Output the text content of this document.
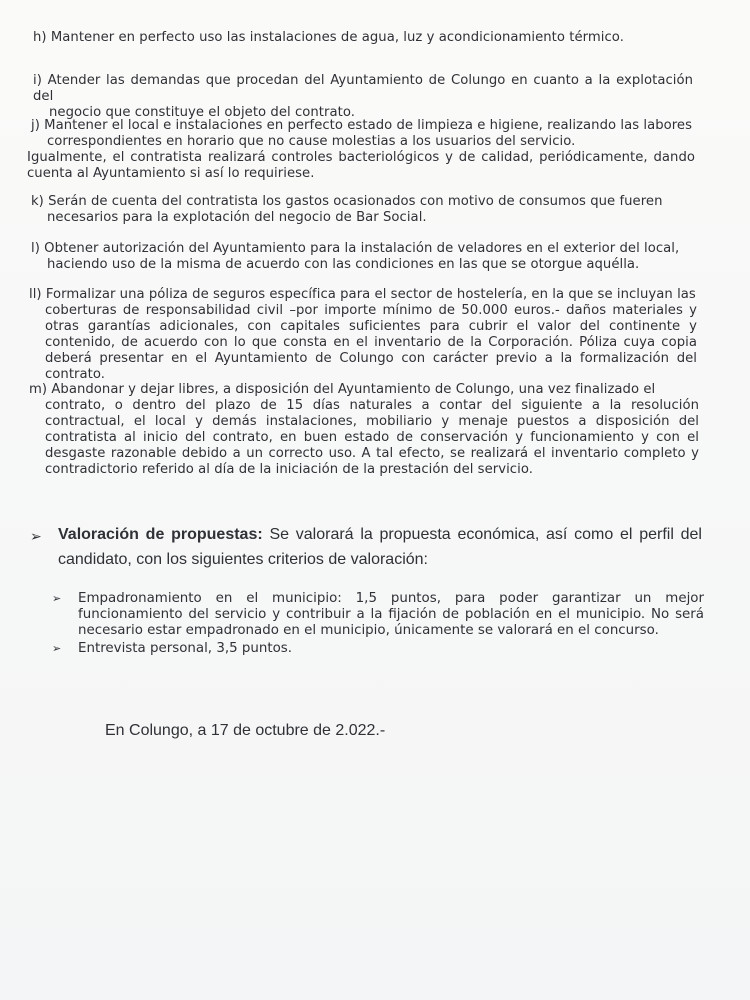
h) Mantener en perfecto uso las instalaciones de agua, luz y acondicionamiento térmico.
i) Atender las demandas que procedan del Ayuntamiento de Colungo en cuanto a la explotación del
negocio que constituye el objeto del contrato.
j) Mantener el local e instalaciones en perfecto estado de limpieza e higiene, realizando las labores
correspondientes en horario que no cause molestias a los usuarios del servicio.
Igualmente, el contratista realizará controles bacteriológicos y de calidad, periódicamente, dando cuenta al Ayuntamiento si así lo requiriese.
k) Serán de cuenta del contratista los gastos ocasionados con motivo de consumos que fueren
necesarios para la explotación del negocio de Bar Social.
l) Obtener autorización del Ayuntamiento para la instalación de veladores en el exterior del local,
haciendo uso de la misma de acuerdo con las condiciones en las que se otorgue aquélla.
ll) Formalizar una póliza de seguros específica para el sector de hostelería, en la que se incluyan las
coberturas de responsabilidad civil –por importe mínimo de 50.000 euros.- daños materiales y otras garantías adicionales, con capitales suficientes para cubrir el valor del continente y contenido, de acuerdo con lo que consta en el inventario de la Corporación. Póliza cuya copia deberá presentar en el Ayuntamiento de Colungo con carácter previo a la formalización del contrato.
m) Abandonar y dejar libres, a disposición del Ayuntamiento de Colungo, una vez finalizado el
contrato, o dentro del plazo de 15 días naturales a contar del siguiente a la resolución contractual, el local y demás instalaciones, mobiliario y menaje puestos a disposición del contratista al inicio del contrato, en buen estado de conservación y funcionamiento y con el desgaste razonable debido a un correcto uso. A tal efecto, se realizará el inventario completo y contradictorio referido al día de la iniciación de la prestación del servicio.
➢ Valoración de propuestas: Se valorará la propuesta económica, así como el perfil del candidato, con los siguientes criterios de valoración:
➢ Empadronamiento en el municipio: 1,5 puntos, para poder garantizar un mejor funcionamiento del servicio y contribuir a la fijación de población en el municipio. No será necesario estar empadronado en el municipio, únicamente se valorará en el concurso.
➢ Entrevista personal, 3,5 puntos.
En Colungo, a 17 de octubre de 2.022.-
